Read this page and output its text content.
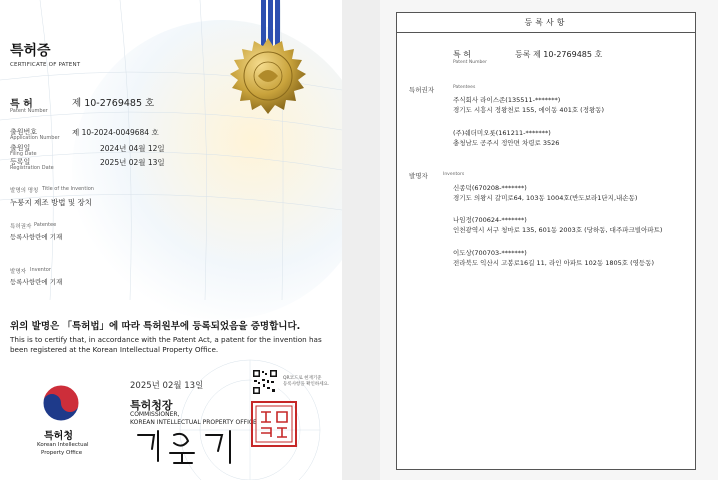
특허증
CERTIFICATE OF PATENT
특 허
Patent Number
제 10-2769485 호
출원번호
Application Number
제 10-2024-0049684 호
출원일
Filing Date
2024년 04월 12일
등록일
Registration Date
2025년 02월 13일
발명의 명칭 Title of the Invention
누룽지 제조 방법 및 장치
특허권자 Patentee
등록사항란에 기재
발명자 Inventor
등록사항란에 기재
위의 발명은 「특허법」에 따라 특허원부에 등록되었음을 증명합니다.
This is to certify that, in accordance with the Patent Act, a patent for the invention has been registered at the Korean Intellectual Property Office.
특허청
Korean Intellectual
Property Office
2025년 02월 13일
QR코드로 현재기준
등록사항을 확인하세요.
특허청장
COMMISSIONER,
KOREAN INTELLECTUAL PROPERTY OFFICE
등록사항
특 허
Patent Number
등록 제 10-2769485 호
특허권자	Patentees
주식회사 라이스존(135511-*******)
경기도 시흥시 정왕천로 155, 에이동 401호 (정왕동)
(주)쉐더미오롯(161211-*******)
충청남도 공주시 정안면 차령로 3526
발명자	Inventors
신종덕(670208-*******)
경기도 의왕시 갈미로64, 103동 1004호(반도보라1단지,내손동)
나임정(700624-*******)
인천광역시 서구 청마로 135, 601동 2003호 (당하동, 대주파크빌아파트)
이도상(700703-*******)
전라북도 익산시 고봉로16길 11, 라인 아파트 102동 1805호 (영등동)
